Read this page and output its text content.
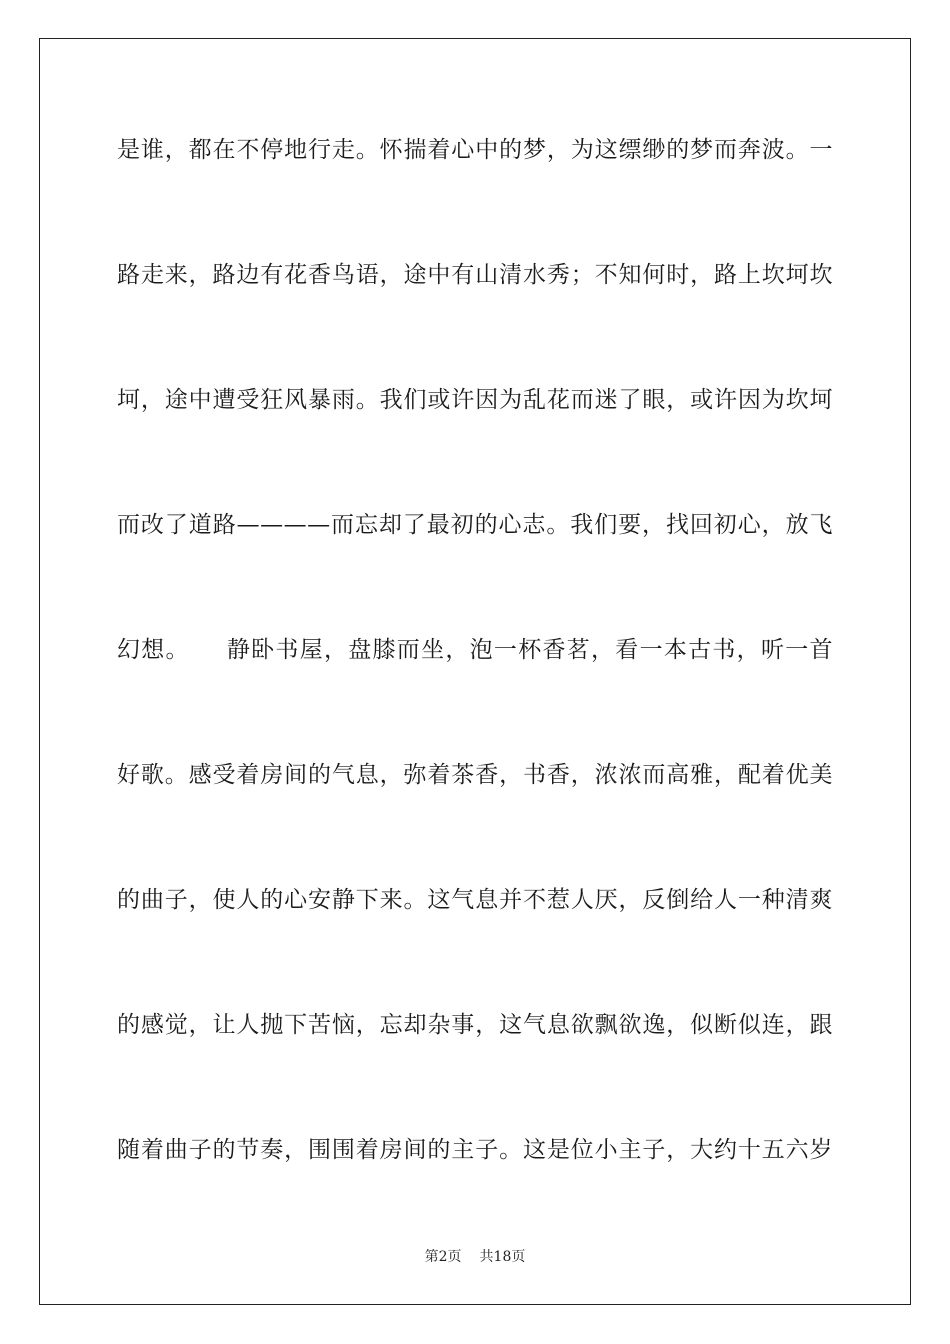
是谁，都在不停地行走。怀揣着心中的梦，为这缥缈的梦而奔波。一
路走来，路边有花香鸟语，途中有山清水秀；不知何时，路上坎坷坎
坷，途中遭受狂风暴雨。我们或许因为乱花而迷了眼，或许因为坎坷
而改了道路————而忘却了最初的心志。我们要，找回初心，放飞
幻想。　　静卧书屋，盘膝而坐，泡一杯香茗，看一本古书，听一首
好歌。感受着房间的气息，弥着茶香，书香，浓浓而高雅，配着优美
的曲子，使人的心安静下来。这气息并不惹人厌，反倒给人一种清爽
的感觉，让人抛下苦恼，忘却杂事，这气息欲飘欲逸，似断似连，跟
随着曲子的节奏，围围着房间的主子。这是位小主子，大约十五六岁
第2页 共18页
